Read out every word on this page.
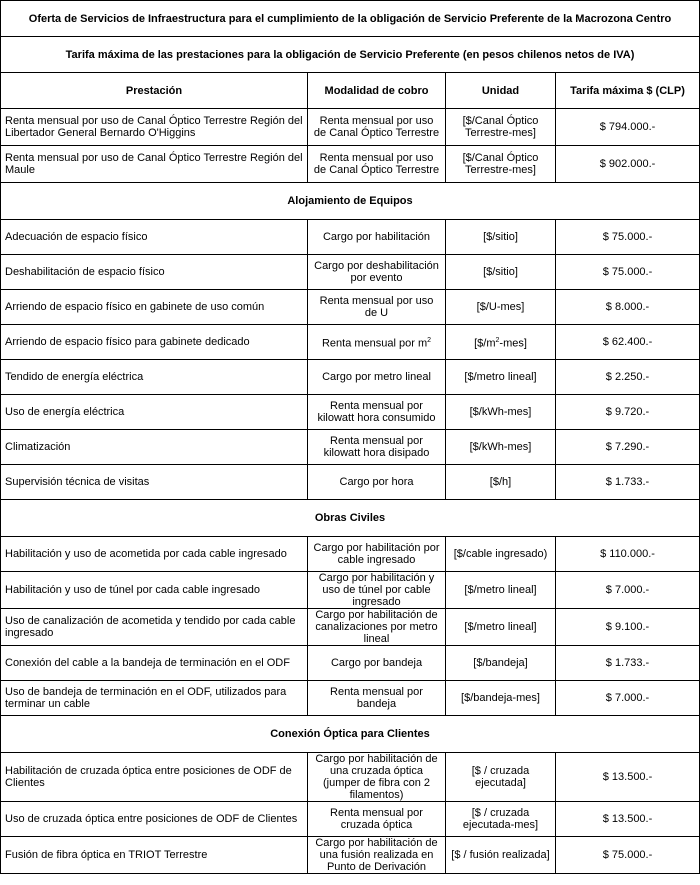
Oferta de Servicios de Infraestructura para el cumplimiento de la obligación de Servicio Preferente de la Macrozona Centro			
Tarifa máxima de las prestaciones para la obligación de Servicio Preferente (en pesos chilenos netos de IVA)			
Prestación	Modalidad de cobro	Unidad	Tarifa máxima $ (CLP)
Renta mensual por uso de Canal Óptico Terrestre Región del Libertador General Bernardo O'Higgins	Renta mensual por uso de Canal Óptico Terrestre	[$/Canal Óptico Terrestre-mes]	$ 794.000.-
Renta mensual por uso de Canal Óptico Terrestre Región del Maule	Renta mensual por uso de Canal Óptico Terrestre	[$/Canal Óptico Terrestre-mes]	$ 902.000.-
Alojamiento de Equipos			
Adecuación de espacio físico	Cargo por habilitación	[$/sitio]	$ 75.000.-
Deshabilitación de espacio físico	Cargo por deshabilitación por evento	[$/sitio]	$ 75.000.-
Arriendo de espacio físico en gabinete de uso común	Renta mensual por uso de U	[$/U-mes]	$ 8.000.-
Arriendo de espacio físico para gabinete dedicado	Renta mensual por $m^2$	$[\$/m^2-mes]$	$ 62.400.-
Tendido de energía eléctrica	Cargo por metro lineal	[$/metro lineal]	$ 2.250.-
Uso de energía eléctrica	Renta mensual por kilowatt hora consumido	[$/kWh-mes]	$ 9.720.-
Climatización	Renta mensual por kilowatt hora disipado	[$/kWh-mes]	$ 7.290.-
Supervisión técnica de visitas	Cargo por hora	[$/h]	$ 1.733.-
Obras Civiles			
Habilitación y uso de acometida por cada cable ingresado	Cargo por habilitación por cable ingresado	[$/cable ingresado)	$ 110.000.-
Habilitación y uso de túnel por cada cable ingresado	Cargo por habilitación y uso de túnel por cable ingresado	[$/metro lineal]	$ 7.000.-
Uso de canalización de acometida y tendido por cada cable ingresado	Cargo por habilitación de canalizaciones por metro lineal	[$/metro lineal]	$ 9.100.-
Conexión del cable a la bandeja de terminación en el ODF	Cargo por bandeja	[$/bandeja]	$ 1.733.-
Uso de bandeja de terminación en el ODF, utilizados para terminar un cable	Renta mensual por bandeja	[$/bandeja-mes]	$ 7.000.-
Conexión Óptica para Clientes			
Habilitación de cruzada óptica entre posiciones de ODF de Clientes	Cargo por habilitación de una cruzada óptica (jumper de fibra con 2 filamentos)	[$ / cruzada ejecutada]	$ 13.500.-
Uso de cruzada óptica entre posiciones de ODF de Clientes	Renta mensual por cruzada óptica	[$ / cruzada ejecutada-mes]	$ 13.500.-
Fusión de fibra óptica en TRIOT Terrestre	Cargo por habilitación de una fusión realizada en Punto de Derivación	[$ / fusión realizada]	$ 75.000.-
